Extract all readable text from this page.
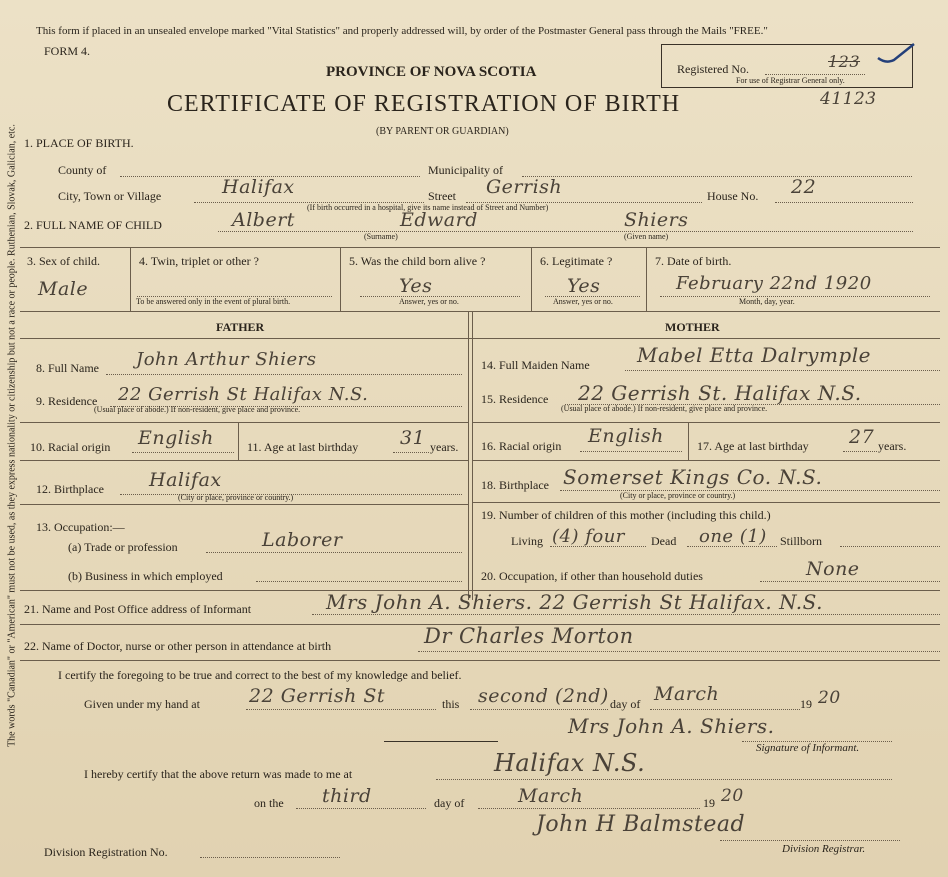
The words "Canadian" or "American" must not be used, as they express nationality or citizenship but not a race or people. Ruthenian, Slovak, Galician, etc.
This form if placed in an unsealed envelope marked "Vital Statistics" and properly addressed will, by order of the Postmaster General pass through the Mails "FREE."
FORM 4.
PROVINCE OF NOVA SCOTIA
CERTIFICATE OF REGISTRATION OF BIRTH
(BY PARENT OR GUARDIAN)
Registered No.	123
For use of Registrar General only.
41123
1. PLACE OF BIRTH.
County of	Municipality of
City, Town or Village	Halifax	Street Gerrish	House No. 22
(If birth occurred in a hospital, give its name instead of Street and Number)
2. FULL NAME OF CHILD	Albert	Edward	Shiers
(Surname)	(Given name)
3. Sex of child.
Male
4. Twin, triplet or other ?
To be answered only in the event of plural birth.
5. Was the child born alive ?
Yes
Answer, yes or no.
6. Legitimate ?
Yes
Answer, yes or no.
7. Date of birth.
February 22nd 1920
Month, day, year.
FATHER	MOTHER
8. Full Name John Arthur Shiers
9. Residence 22 Gerrish St Halifax N.S.
(Usual place of abode.) If non-resident, give place and province.
10. Racial origin English	11. Age at last birthday 31 years.
12. Birthplace Halifax
(City or place, province or country.)
13. Occupation:—
(a) Trade or profession	Laborer
(b) Business in which employed
14. Full Maiden Name Mabel Etta Dalrymple
15. Residence 22 Gerrish St. Halifax N.S.
(Usual place of abode.) If non-resident, give place and province.
16. Racial origin English	17. Age at last birthday 27 years.
18. Birthplace Somerset Kings Co. N.S.
(City or place, province or country.)
19. Number of children of this mother (including this child.)
Living (4) four Dead one (1) Stillborn
20. Occupation, if other than household duties	None
21. Name and Post Office address of Informant	Mrs John A. Shiers. 22 Gerrish St Halifax. N.S.
22. Name of Doctor, nurse or other person in attendance at birth	Dr Charles Morton
I certify the foregoing to be true and correct to the best of my knowledge and belief.
Given under my hand at	22 Gerrish St	this second (2nd) day of March	19 20
Mrs John A. Shiers.
Signature of Informant.
I hereby certify that the above return was made to me at	Halifax N.S.
on the third	day of	March	19 20
John H Balmstead
Division Registration No.	Division Registrar.
